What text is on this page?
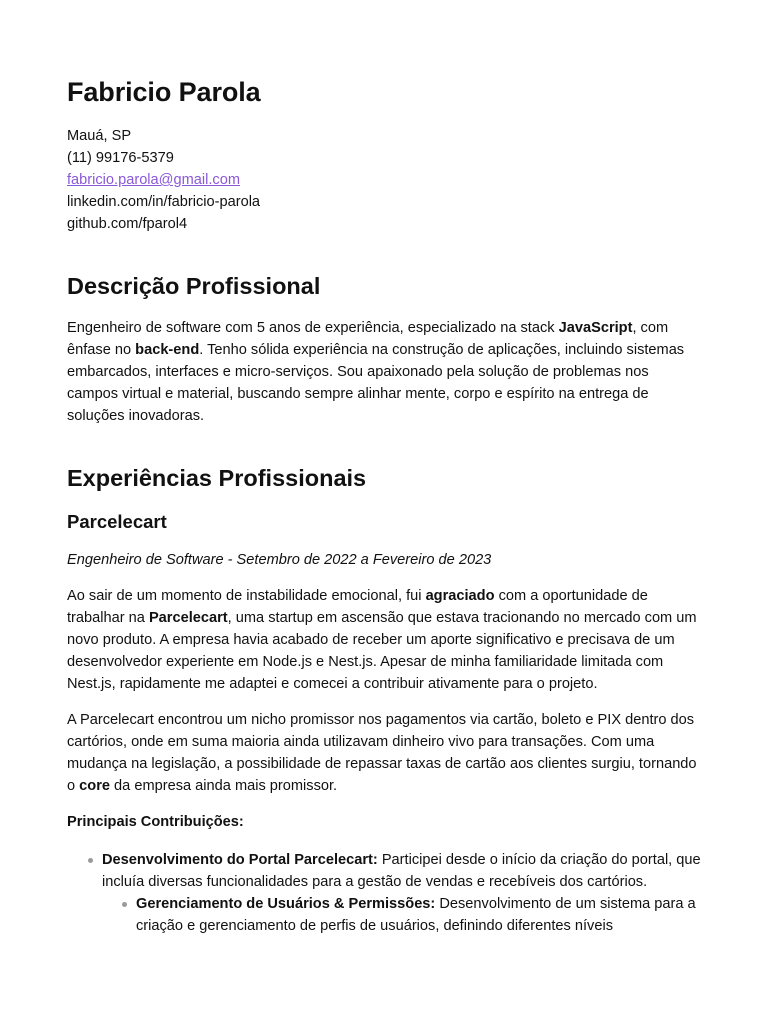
Fabricio Parola
Mauá, SP
(11) 99176-5379
fabricio.parola@gmail.com
linkedin.com/in/fabricio-parola
github.com/fparol4
Descrição Profissional

Engenheiro de software com 5 anos de experiência, especializado na stack JavaScript, com ênfase no back-end. Tenho sólida experiência na construção de aplicações, incluindo sistemas embarcados, interfaces e micro-serviços. Sou apaixonado pela solução de problemas nos campos virtual e material, buscando sempre alinhar mente, corpo e espírito na entrega de soluções inovadoras.

Experiências Profissionais
Parcelecart

Engenheiro de Software - Setembro de 2022 a Fevereiro de 2023

Ao sair de um momento de instabilidade emocional, fui agraciado com a oportunidade de trabalhar na Parcelecart, uma startup em ascensão que estava tracionando no mercado com um novo produto. A empresa havia acabado de receber um aporte significativo e precisava de um desenvolvedor experiente em Node.js e Nest.js. Apesar de minha familiaridade limitada com Nest.js, rapidamente me adaptei e comecei a contribuir ativamente para o projeto.

A Parcelecart encontrou um nicho promissor nos pagamentos via cartão, boleto e PIX dentro dos cartórios, onde em suma maioria ainda utilizavam dinheiro vivo para transações. Com uma mudança na legislação, a possibilidade de repassar taxas de cartão aos clientes surgiu, tornando o core da empresa ainda mais promissor.

Principais Contribuições:

Desenvolvimento do Portal Parcelecart: Participei desde o início da criação do portal, que incluía diversas funcionalidades para a gestão de vendas e recebíveis dos cartórios.
Gerenciamento de Usuários & Permissões: Desenvolvimento de um sistema para a criação e gerenciamento de perfis de usuários, definindo diferentes níveis
